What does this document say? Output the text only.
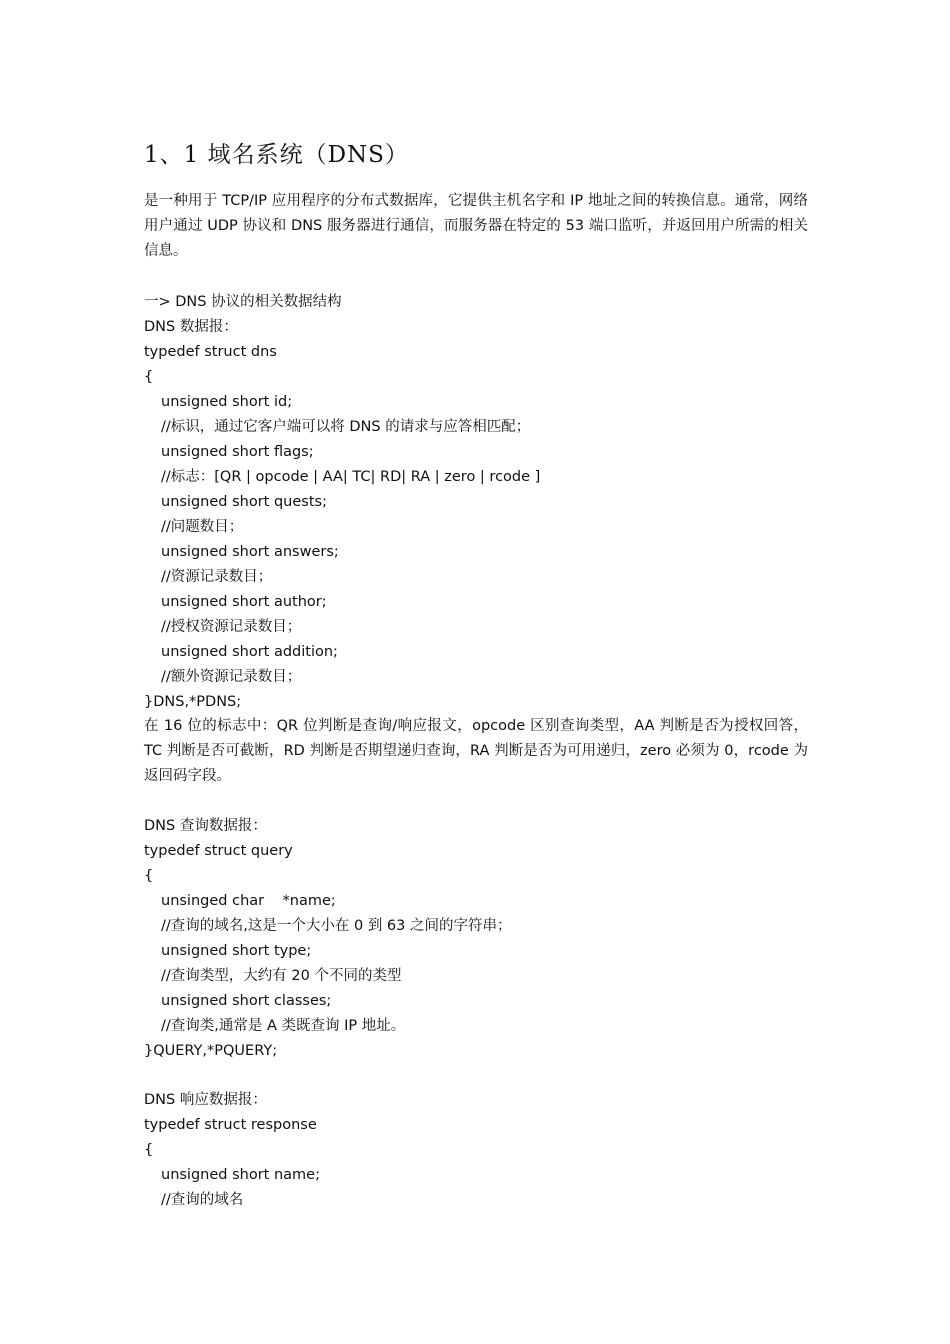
1、1 域名系统（DNS）

是一种用于 TCP/IP 应用程序的分布式数据库，它提供主机名字和 IP 地址之间的转换信息。通常，网络用户通过 UDP 协议和 DNS 服务器进行通信，而服务器在特定的 53 端口监听，并返回用户所需的相关信息。

一> DNS 协议的相关数据结构
DNS 数据报：
typedef struct dns
{
unsigned short id;
//标识，通过它客户端可以将 DNS 的请求与应答相匹配；
unsigned short flags;
//标志：[QR | opcode | AA| TC| RD| RA | zero | rcode ]
unsigned short quests;
//问题数目；
unsigned short answers;
//资源记录数目；
unsigned short author;
//授权资源记录数目；
unsigned short addition;
//额外资源记录数目；
}DNS,*PDNS;

在 16 位的标志中：QR 位判断是查询/响应报文，opcode 区别查询类型，AA 判断是否为授权回答，TC 判断是否可截断，RD 判断是否期望递归查询，RA 判断是否为可用递归，zero 必须为 0，rcode 为返回码字段。

DNS 查询数据报：
typedef struct query
{
unsinged char    *name;
//查询的域名,这是一个大小在 0 到 63 之间的字符串；
unsigned short type;
//查询类型，大约有 20 个不同的类型
unsigned short classes;
//查询类,通常是 A 类既查询 IP 地址。
}QUERY,*PQUERY;
DNS 响应数据报：
typedef struct response
{
unsigned short name;
//查询的域名
